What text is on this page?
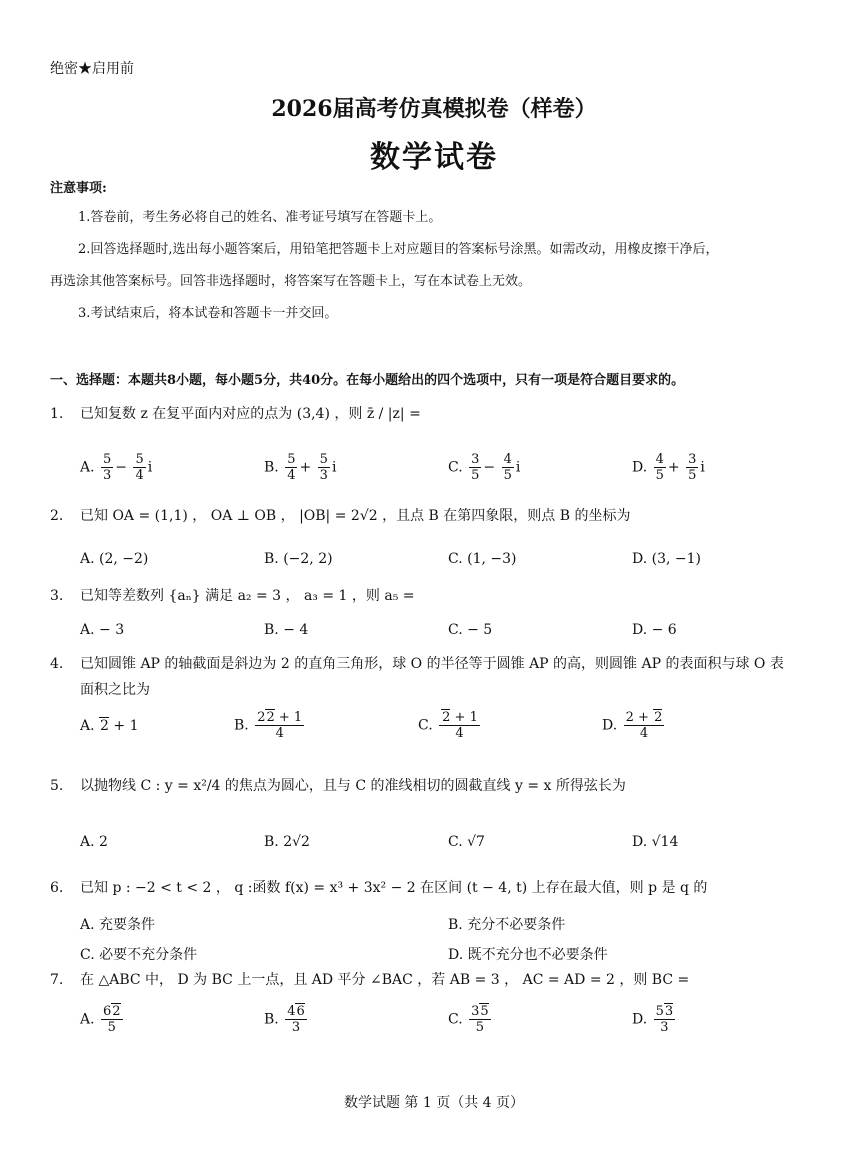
绝密★启用前
2026届高考仿真模拟卷（样卷）
数学试卷
注意事项:
1.答卷前，考生务必将自己的姓名、准考证号填写在答题卡上。
2.回答选择题时,选出每小题答案后，用铅笔把答题卡上对应题目的答案标号涂黑。如需改动，用橡皮擦干净后，
再选涂其他答案标号。回答非选择题时，将答案写在答题卡上，写在本试卷上无效。
3.考试结束后，将本试卷和答题卡一并交回。
一、选择题：本题共8小题，每小题5分，共40分。在每小题给出的四个选项中，只有一项是符合题目要求的。
1. 已知复数 z 在复平面内对应的点为 (3,4) ，则 z̄ / |z| =
A. $\frac{5}{3} - \frac{5}{4}$ i	B. $\frac{5}{4} + \frac{5}{3}$ i	C. $\frac{3}{5} - \frac{4}{5}$ i	D. $\frac{4}{5} + \frac{3}{5}$ i
2. 已知 OA = (1,1) ， OA ⊥ OB ， |OB| = 2√2 ，且点 B 在第四象限，则点 B 的坐标为
A. (2, −2)	B. (−2, 2)	C. (1, −3)	D. (3, −1)
3. 已知等差数列 {aₙ} 满足 a₂ = 3 ， a₃ = 1 ，则 a₅ =
A. − 3	B. − 4	C. − 5	D. − 6
4. 已知圆锥 AP 的轴截面是斜边为 2 的直角三角形，球 O 的半径等于圆锥 AP 的高，则圆锥 AP 的表面积与球 O 表
面积之比为
A. 2 + 1	B. $\frac{22 + 1}{4}$	C. $\frac{2 + 1}{4}$	D. $\frac{2 + 2}{4}$
5. 以抛物线 C : y = x²/4 的焦点为圆心，且与 C 的准线相切的圆截直线 y = x 所得弦长为
A. 2	B. 2√2	C. √7	D. √14
6. 已知 p : −2 < t < 2 ， q :函数 f(x) = x³ + 3x² − 2 在区间 (t − 4, t) 上存在最大值，则 p 是 q 的
A. 充要条件	B. 充分不必要条件
C. 必要不充分条件	D. 既不充分也不必要条件
7. 在 △ABC 中， D 为 BC 上一点，且 AD 平分 ∠BAC ，若 AB = 3 ， AC = AD = 2 ，则 BC =
A. $\frac{62}{5}$	B. $\frac{46}{3}$	C. $\frac{35}{5}$	D. $\frac{53}{3}$
数学试题 第 1 页（共 4 页）
